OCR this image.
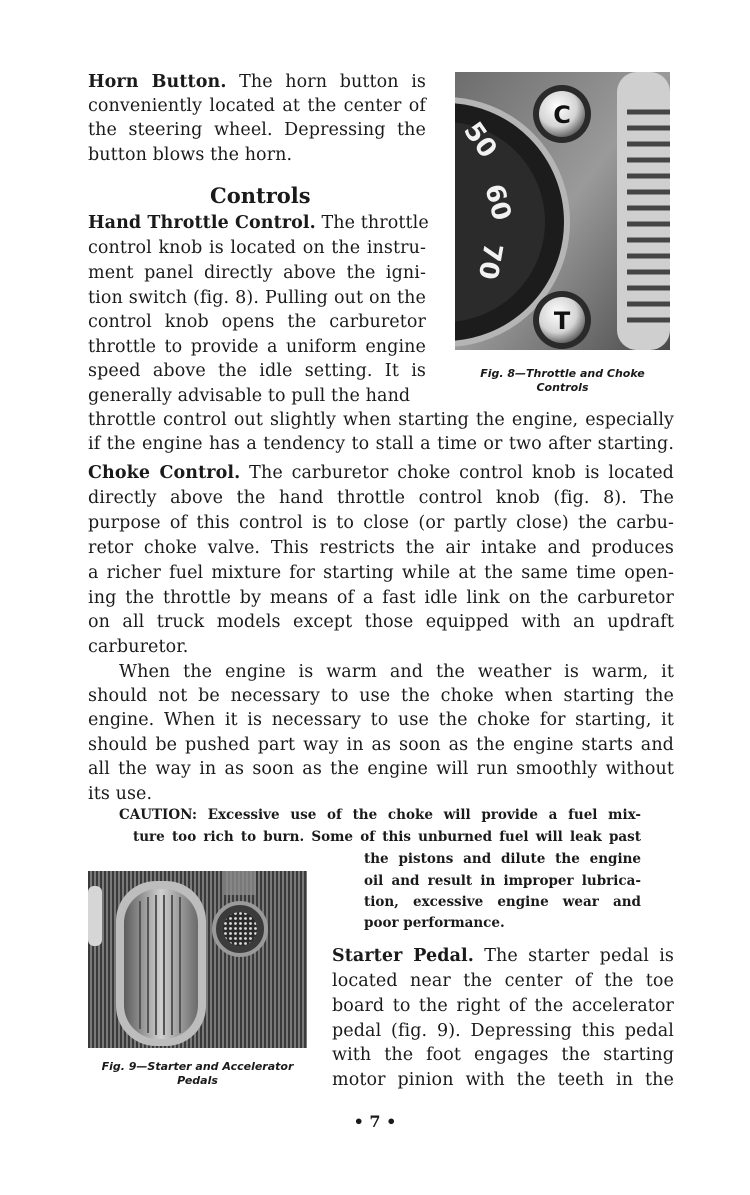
Horn Button. The horn button is
conveniently located at the center of
the steering wheel. Depressing the
button blows the horn.
Controls
Hand Throttle Control. The throttle
control knob is located on the instru-
ment panel directly above the igni-
tion switch (fig. 8). Pulling out on the
control knob opens the carburetor
throttle to provide a uniform engine
speed above the idle setting. It is
generally advisable to pull the hand
throttle control out slightly when starting the engine, especially
if the engine has a tendency to stall a time or two after starting.
Choke Control. The carburetor choke control knob is located
directly above the hand throttle control knob (fig. 8). The
purpose of this control is to close (or partly close) the carbu-
retor choke valve. This restricts the air intake and produces
a richer fuel mixture for starting while at the same time open-
ing the throttle by means of a fast idle link on the carburetor
on all truck models except those equipped with an updraft
carburetor.
When the engine is warm and the weather is warm, it
should not be necessary to use the choke when starting the
engine. When it is necessary to use the choke for starting, it
should be pushed part way in as soon as the engine starts and
all the way in as soon as the engine will run smoothly without
its use.
CAUTION: Excessive use of the choke will provide a fuel mix-
ture too rich to burn. Some of this unburned fuel will leak past
the pistons and dilute the engine
oil and result in improper lubrica-
tion, excessive engine wear and
poor performance.
Starter Pedal. The starter pedal is
located near the center of the toe
board to the right of the accelerator
pedal (fig. 9). Depressing this pedal
with the foot engages the starting
motor pinion with the teeth in the
50
60
70
C
T
Fig. 8—Throttle and Choke
Controls
Fig. 9—Starter and Accelerator
Pedals
• 7 •
